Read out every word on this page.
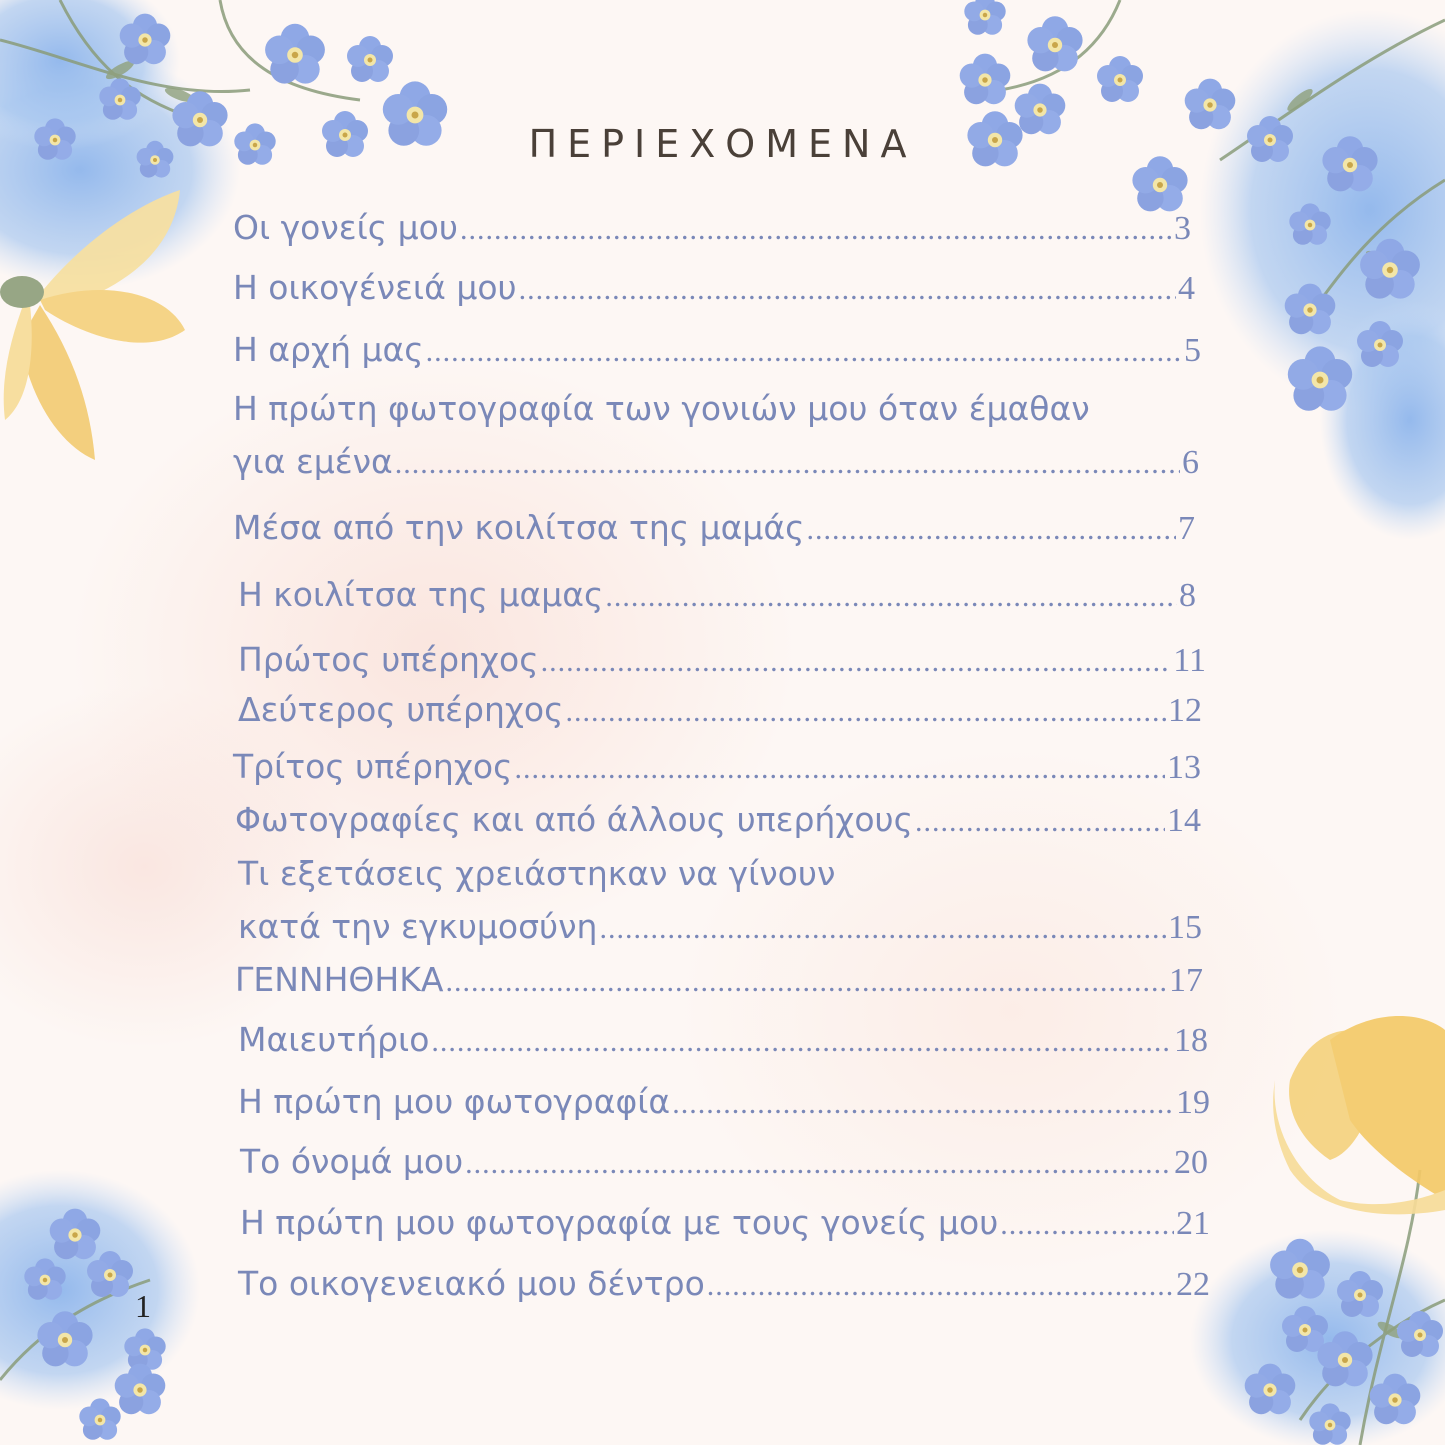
ΠΕΡΙΕΧΟΜΕΝΑ
Οι γονείς μου .....	3
Η οικογένειά μου .....	4
Η αρχή μας .....	5
Η πρώτη φωτογραφία των γονιών μου όταν έμαθαν
για εμένα .....	6
Μέσα από την κοιλίτσα της μαμάς .....	7
Η κοιλίτσα της μαμας .....	8
Πρώτος υπέρηχος .....	11
Δεύτερος υπέρηχος .....	12
Τρίτος υπέρηχος .....	13
Φωτογραφίες και από άλλους υπερήχους .....	14
Τι εξετάσεις χρειάστηκαν να γίνουν
κατά την εγκυμοσύνη .....	15
ΓΕΝΝΗΘΗΚΑ .....	17
Μαιευτήριο .....	18
Η πρώτη μου φωτογραφία .....	19
Το όνομά μου .....	20
Η πρώτη μου φωτογραφία με τους γονείς μου .....	21
Το οικογενειακό μου δέντρο .....	22
1
